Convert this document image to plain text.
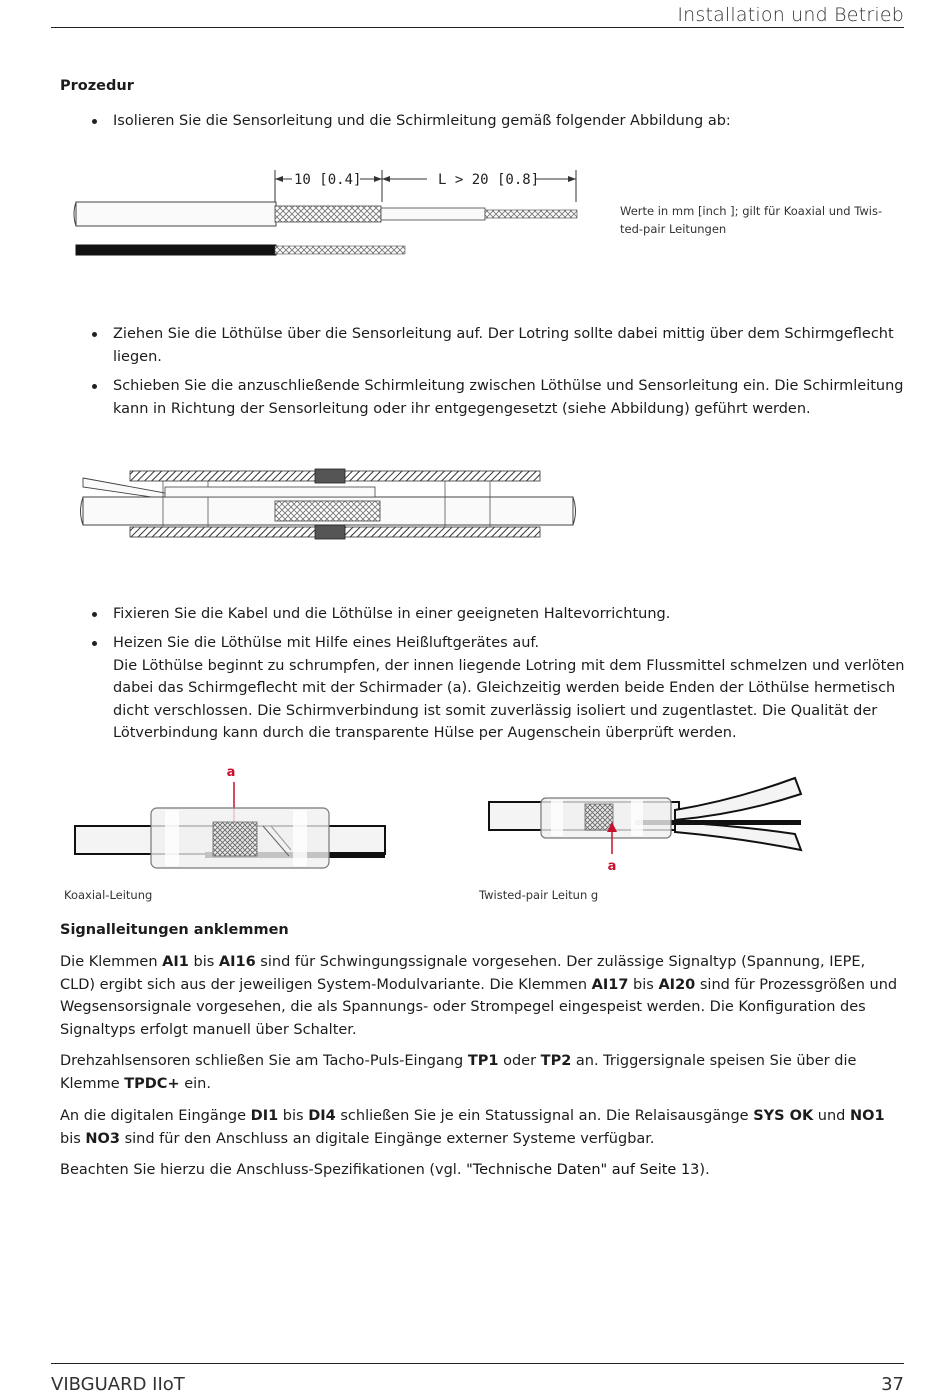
Installation und Betrieb
Prozedur
Isolieren Sie die Sensorleitung und die Schirmleitung gemäß folgender Abbildung ab:
10 [0.4]	L > 20 [0.8]
Werte in mm [inch ]; gilt für Koaxial und Twis-
ted-pair Leitungen
Ziehen Sie die Löthülse über die Sensorleitung auf. Der Lotring sollte dabei mittig über dem Schirmgeflecht liegen.
Schieben Sie die anzuschließende Schirmleitung zwischen Löthülse und Sensorleitung ein. Die Schirmleitung kann in Richtung der Sensorleitung oder ihr entgegengesetzt (siehe Abbildung) geführt werden.
Fixieren Sie die Kabel und die Löthülse in einer geeigneten Haltevorrichtung.
Heizen Sie die Löthülse mit Hilfe eines Heißluftgerätes auf.
Die Löthülse beginnt zu schrumpfen, der innen liegende Lotring mit dem Flussmittel schmelzen und verlöten dabei das Schirmgeflecht mit der Schirmader (a). Gleichzeitig werden beide Enden der Löthülse hermetisch dicht verschlossen. Die Schirmverbindung ist somit zuverlässig isoliert und zugentlastet. Die Qualität der Lötverbindung kann durch die transparente Hülse per Augenschein überprüft werden.
a
Koaxial-Leitung
a
Twisted-pair Leitun g
Signalleitungen anklemmen
Die Klemmen AI1 bis AI16 sind für Schwingungssignale vorgesehen. Der zulässige Signaltyp (Spannung, IEPE, CLD) ergibt sich aus der jeweiligen System-Modulvariante. Die Klemmen AI17 bis AI20 sind für Prozessgrößen und Wegsensorsignale vorgesehen, die als Spannungs- oder Strompegel eingespeist werden. Die Konfiguration des Signaltyps erfolgt manuell über Schalter.
Drehzahlsensoren schließen Sie am Tacho-Puls-Eingang TP1 oder TP2 an. Triggersignale speisen Sie über die Klemme TPDC+ ein.
An die digitalen Eingänge DI1 bis DI4 schließen Sie je ein Statussignal an. Die Relaisausgänge SYS OK und NO1 bis NO3 sind für den Anschluss an digitale Eingänge externer Systeme verfügbar.
Beachten Sie hierzu die Anschluss-Spezifikationen (vgl. "Technische Daten" auf Seite 13).
VIBGUARD IIoT	37
